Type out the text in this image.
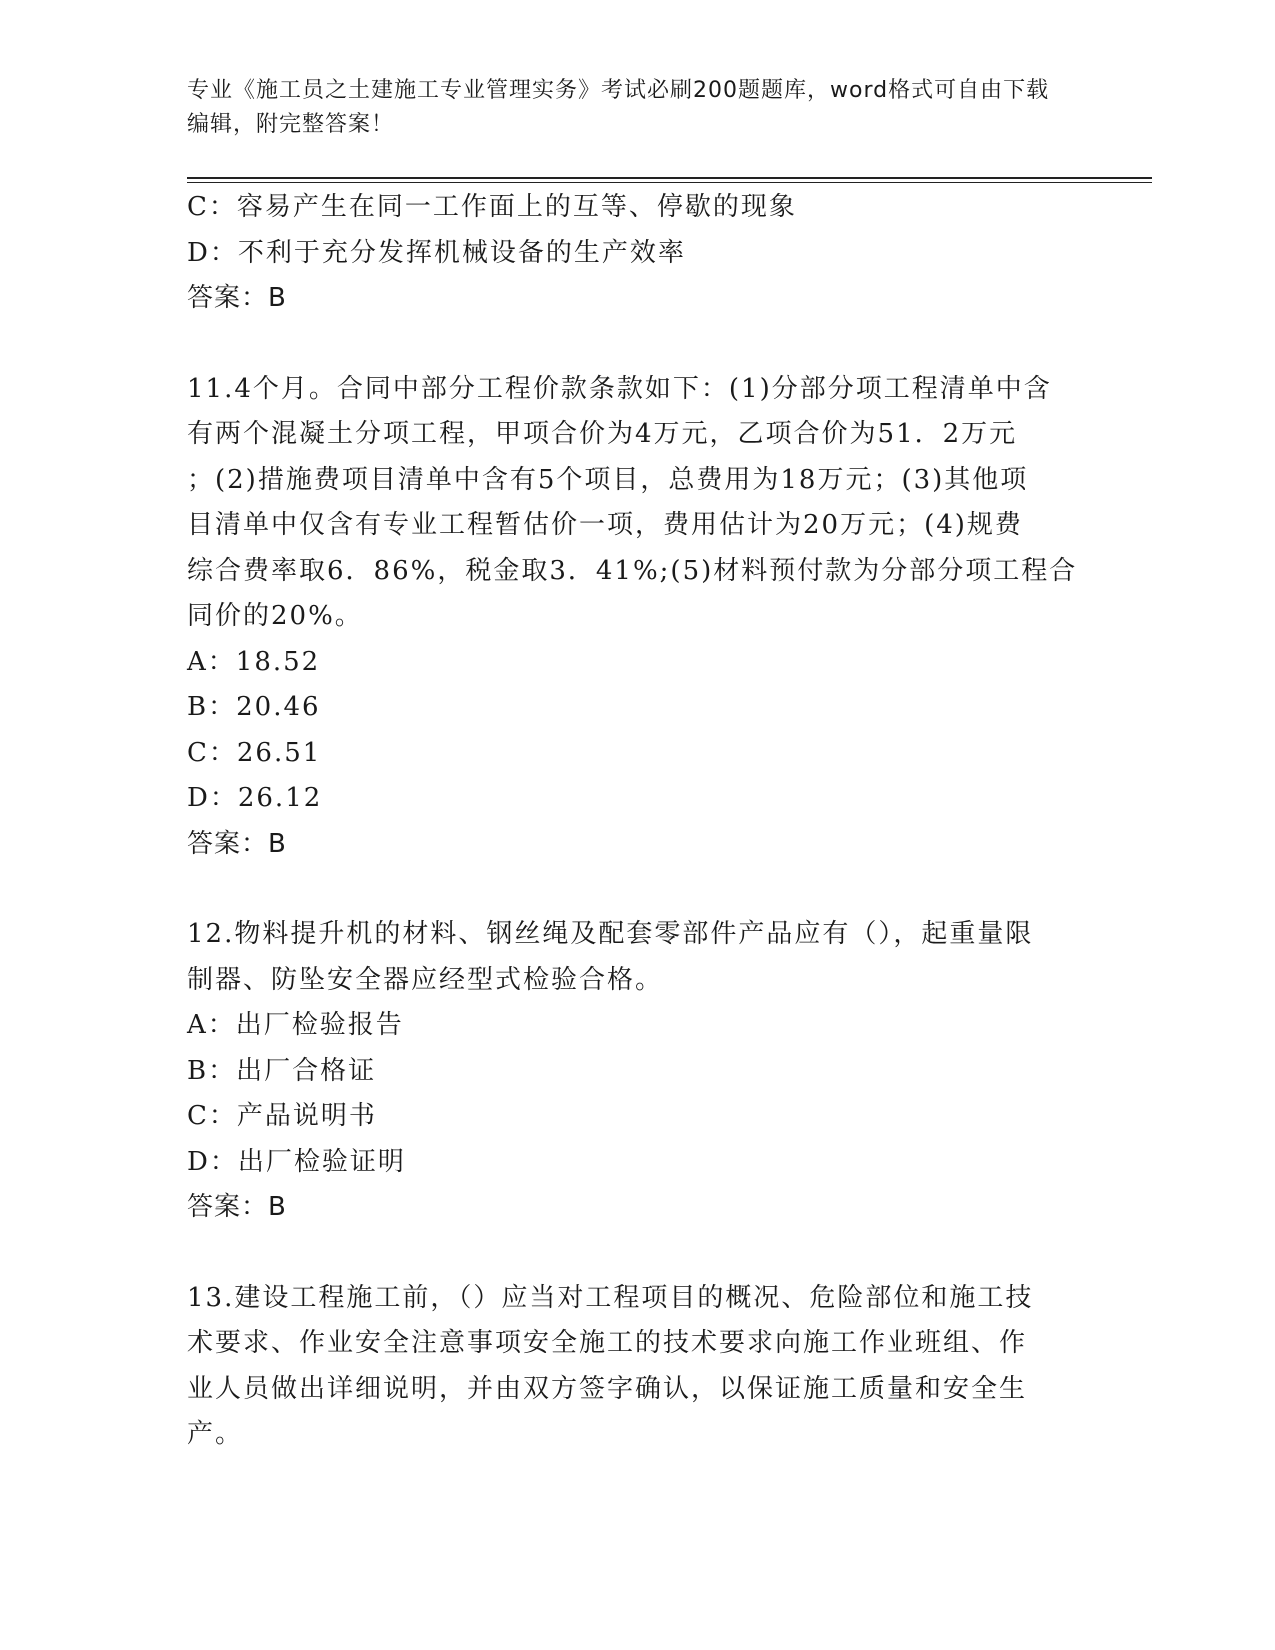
专业《施工员之土建施工专业管理实务》考试必刷200题题库，word格式可自由下载编辑，附完整答案！
C：容易产生在同一工作面上的互等、停歇的现象
D：不利于充分发挥机械设备的生产效率
答案：B
11.4个月。合同中部分工程价款条款如下：(1)分部分项工程清单中含
有两个混凝土分项工程，甲项合价为4万元，乙项合价为51．2万元
；(2)措施费项目清单中含有5个项目，总费用为18万元；(3)其他项
目清单中仅含有专业工程暂估价一项，费用估计为20万元；(4)规费
综合费率取6．86%，税金取3．41%;(5)材料预付款为分部分项工程合
同价的20%。
A：18.52
B：20.46
C：26.51
D：26.12
答案：B
12.物料提升机的材料、钢丝绳及配套零部件产品应有（），起重量限
制器、防坠安全器应经型式检验合格。
A：出厂检验报告
B：出厂合格证
C：产品说明书
D：出厂检验证明
答案：B
13.建设工程施工前，（）应当对工程项目的概况、危险部位和施工技
术要求、作业安全注意事项安全施工的技术要求向施工作业班组、作
业人员做出详细说明，并由双方签字确认，以保证施工质量和安全生
产。
